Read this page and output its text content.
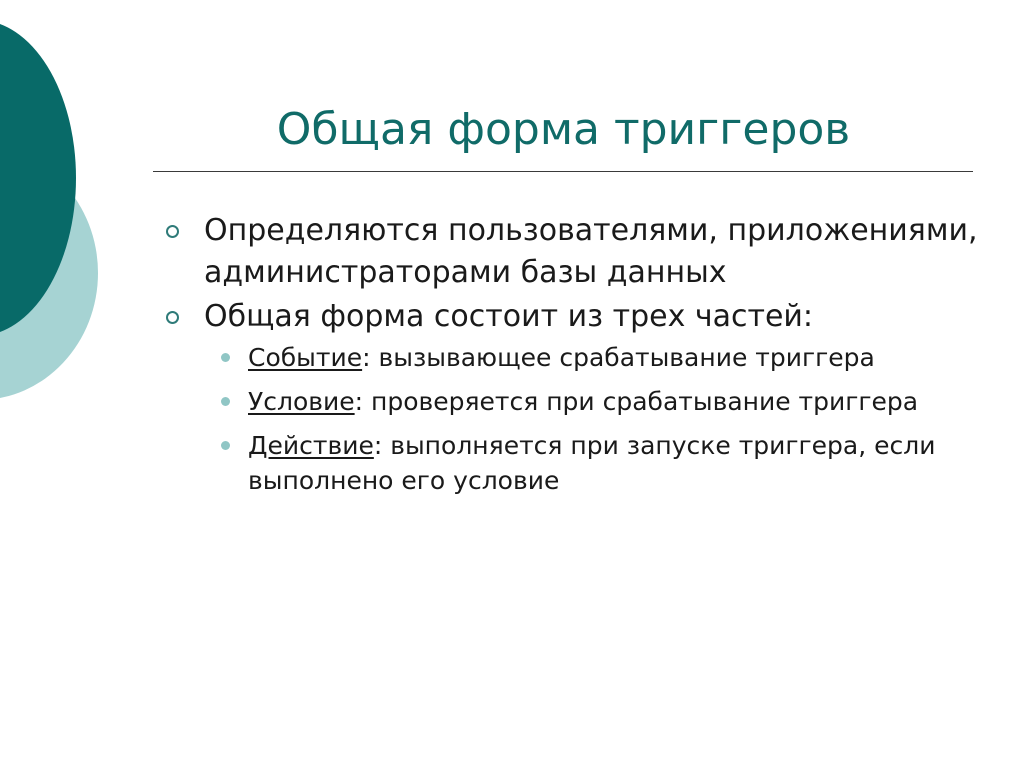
Общая форма триггеров
Определяются пользователями, приложениями, администраторами базы данных
Общая форма состоит из трех частей:
Событие: вызывающее срабатывание триггера
Условие: проверяется при срабатывание триггера
Действие: выполняется при запуске триггера, если выполнено его условие
